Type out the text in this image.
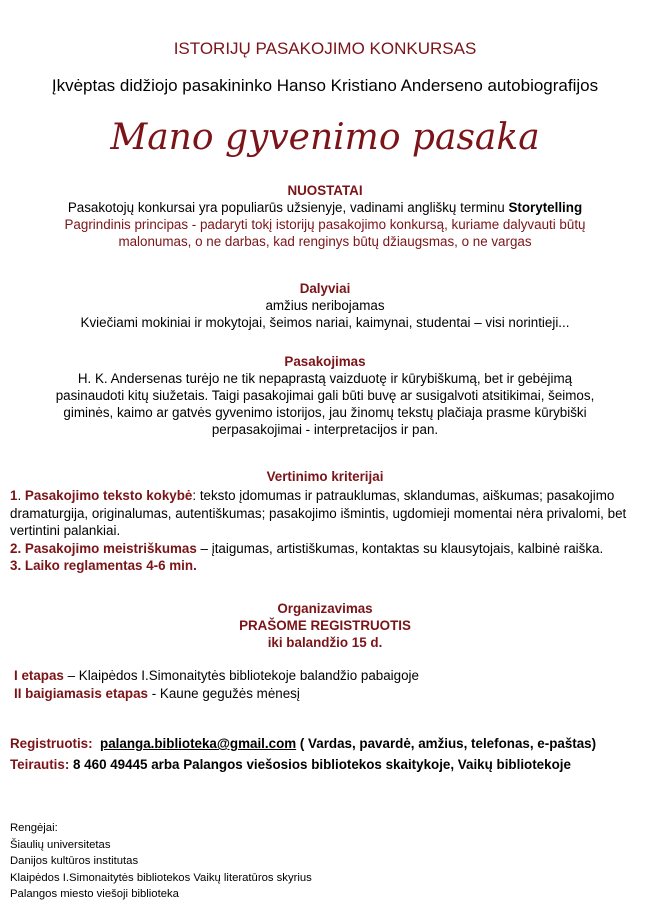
ISTORIJŲ PASAKOJIMO KONKURSAS
Įkvėptas didžiojo pasakininko Hanso Kristiano Anderseno autobiografijos
Mano gyvenimo pasaka
NUOSTATAI
Pasakotojų konkursai yra populiarūs užsienyje, vadinami angliškų terminu Storytelling
Pagrindinis principas - padaryti tokį istorijų pasakojimo konkursą, kuriame dalyvauti būtų
malonumas, o ne darbas, kad renginys būtų džiaugsmas, o ne vargas
Dalyviai
amžius neribojamas
Kviečiami mokiniai ir mokytojai, šeimos nariai, kaimynai, studentai – visi norintieji...
Pasakojimas
H. K. Andersenas turėjo ne tik nepaprastą vaizduotę ir kūrybiškumą, bet ir gebėjimą
pasinaudoti kitų siužetais. Taigi pasakojimai gali būti buvę ar susigalvoti atsitikimai, šeimos,
giminės, kaimo ar gatvės gyvenimo istorijos, jau žinomų tekstų plačiaja prasme kūrybiški
perpasakojimai - interpretacijos ir pan.
Vertinimo kriterijai
1. Pasakojimo teksto kokybė: teksto įdomumas ir patrauklumas, sklandumas, aiškumas; pasakojimo
dramaturgija, originalumas, autentiškumas; pasakojimo išmintis, ugdomieji momentai nėra privalomi, bet
vertintini palankiai.
2. Pasakojimo meistriškumas – įtaigumas, artistiškumas, kontaktas su klausytojais, kalbinė raiška.
3. Laiko reglamentas 4-6 min.
Organizavimas
PRAŠOME REGISTRUOTIS
iki balandžio 15 d.
I etapas – Klaipėdos I.Simonaitytės bibliotekoje balandžio pabaigoje
II baigiamasis etapas - Kaune gegužės mėnesį
Registruotis: palanga.biblioteka@gmail.com ( Vardas, pavardė, amžius, telefonas, e-paštas)
Teirautis: 8 460 49445 arba Palangos viešosios bibliotekos skaitykoje, Vaikų bibliotekoje
Rengėjai:
Šiaulių universitetas
Danijos kultūros institutas
Klaipėdos I.Simonaitytės bibliotekos Vaikų literatūros skyrius
Palangos miesto viešoji biblioteka
